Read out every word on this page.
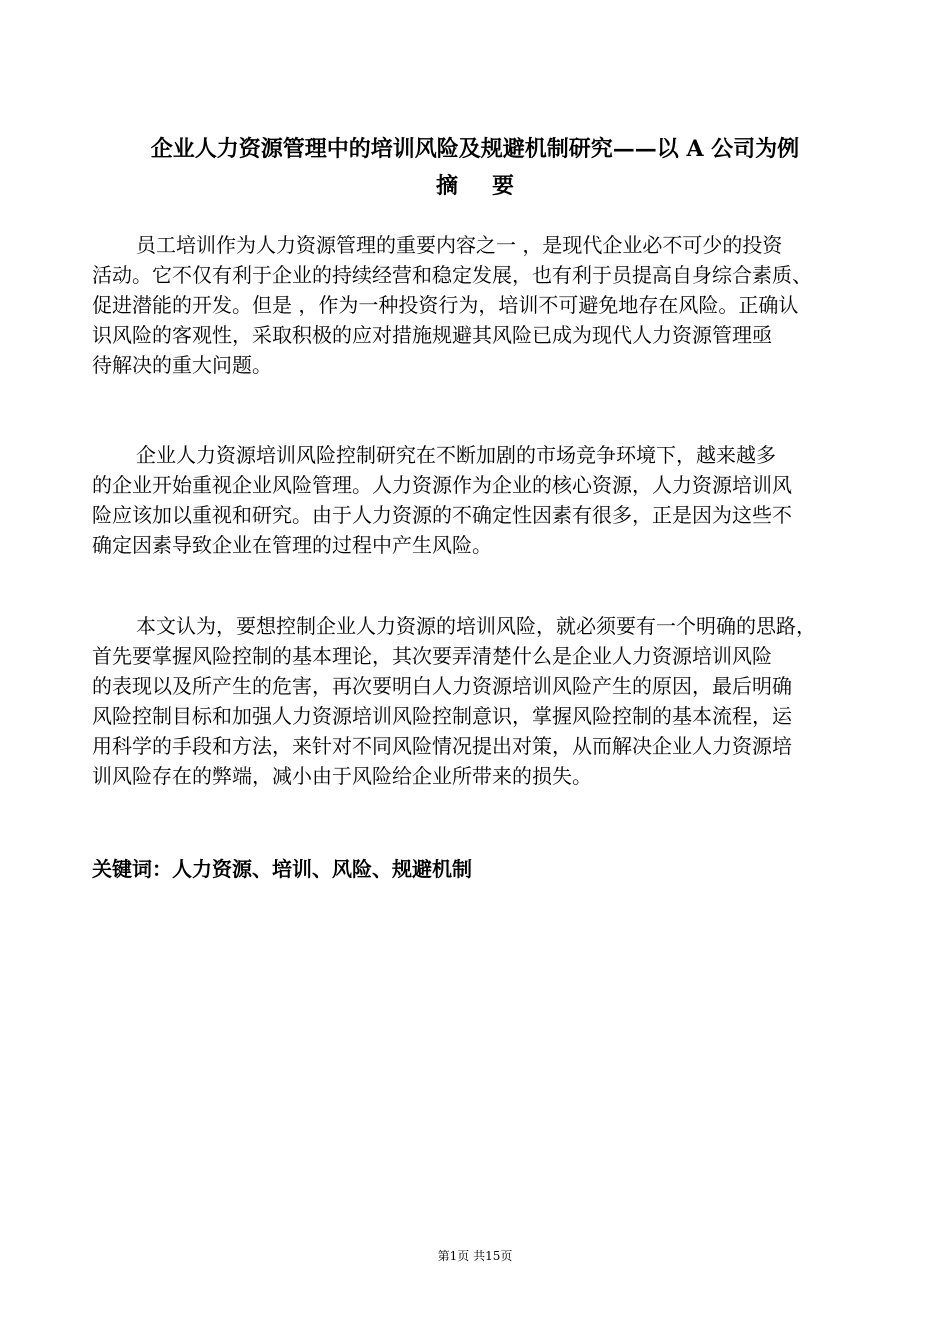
企业人力资源管理中的培训风险及规避机制研究——以 A 公司为例
摘要
员工培训作为人力资源管理的重要内容之一 ，是现代企业必不可少的投资
活动。它不仅有利于企业的持续经营和稳定发展，也有利于员提高自身综合素质、
促进潜能的开发。但是 ，作为一种投资行为，培训不可避免地存在风险。正确认
识风险的客观性，采取积极的应对措施规避其风险已成为现代人力资源管理亟
待解决的重大问题。
企业人力资源培训风险控制研究在不断加剧的市场竞争环境下，越来越多
的企业开始重视企业风险管理。人力资源作为企业的核心资源，人力资源培训风
险应该加以重视和研究。由于人力资源的不确定性因素有很多，正是因为这些不
确定因素导致企业在管理的过程中产生风险。
本文认为，要想控制企业人力资源的培训风险，就必须要有一个明确的思路，
首先要掌握风险控制的基本理论，其次要弄清楚什么是企业人力资源培训风险
的表现以及所产生的危害，再次要明白人力资源培训风险产生的原因，最后明确
风险控制目标和加强人力资源培训风险控制意识，掌握风险控制的基本流程，运
用科学的手段和方法，来针对不同风险情况提出对策，从而解决企业人力资源培
训风险存在的弊端，减小由于风险给企业所带来的损失。
关键词：人力资源、培训、风险、规避机制
第1页 共15页
